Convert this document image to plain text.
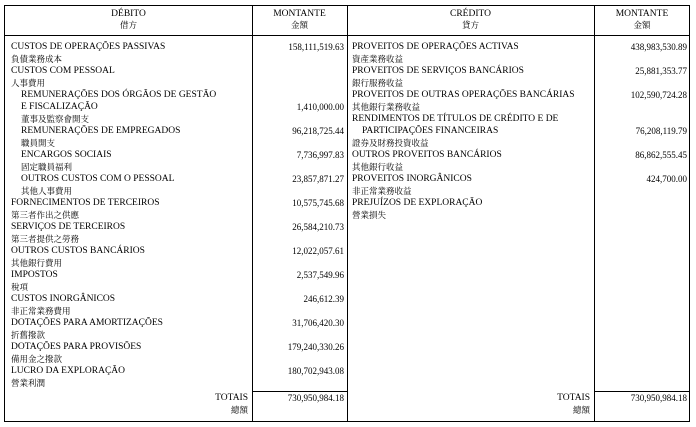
DÉBITO
借方
MONTANTE
金額
CRÉDITO
貸方
MONTANTE
金額
CUSTOS DE OPERAÇÕES PASSIVAS
負債業務成本
158,111,519.63
CUSTOS COM PESSOAL
人事費用
REMUNERAÇÕES DOS ÓRGÃOS DE GESTÃO
E FISCALIZAÇÃO
董事及監察會開支
1,410,000.00
REMUNERAÇÕES DE EMPREGADOS
職員開支
96,218,725.44
ENCARGOS SOCIAIS
固定職員福利
7,736,997.83
OUTROS CUSTOS COM O PESSOAL
其他人事費用
23,857,871.27
FORNECIMENTOS DE TERCEIROS
第三者作出之供應
10,575,745.68
SERVIÇOS DE TERCEIROS
第三者提供之勞務
26,584,210.73
OUTROS CUSTOS BANCÁRIOS
其他銀行費用
12,022,057.61
IMPOSTOS
稅項
2,537,549.96
CUSTOS INORGÂNICOS
非正常業務費用
246,612.39
DOTAÇÕES PARA AMORTIZAÇÕES
折舊撥款
31,706,420.30
DOTAÇÕES PARA PROVISÕES
備用金之撥款
179,240,330.26
LUCRO DA EXPLORAÇÃO
營業利潤
180,702,943.08
PROVEITOS DE OPERAÇÕES ACTIVAS
資產業務收益
438,983,530.89
PROVEITOS DE SERVIÇOS BANCÁRIOS
銀行服務收益
25,881,353.77
PROVEITOS DE OUTRAS OPERAÇÕES BANCÁRIAS
其他銀行業務收益
102,590,724.28
RENDIMENTOS DE TÍTULOS DE CRÉDITO E DE
PARTICIPAÇÕES FINANCEIRAS
證券及財務投資收益
76,208,119.79
OUTROS PROVEITOS BANCÁRIOS
其他銀行收益
86,862,555.45
PROVEITOS INORGÂNICOS
非正常業務收益
424,700.00
PREJUÍZOS DE EXPLORAÇÃO
營業損失
TOTAIS
總額
730,950,984.18	TOTAIS
總額
730,950,984.18
